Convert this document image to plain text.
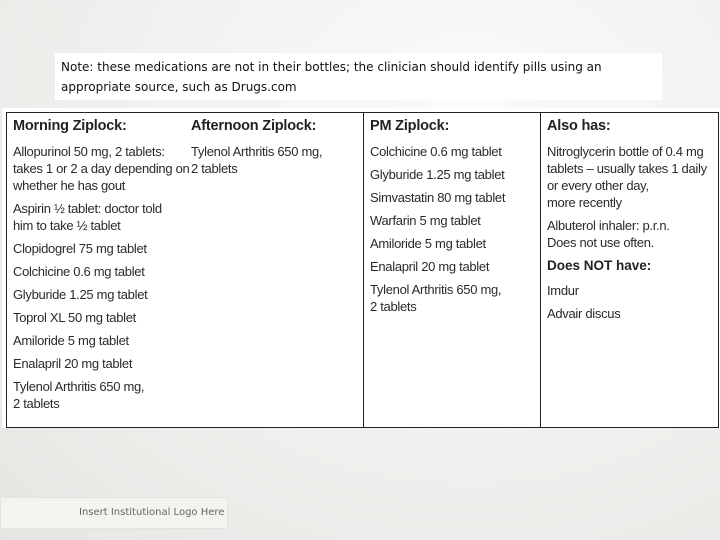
Note: these medications are not in their bottles; the clinician should identify pills using an appropriate source, such as Drugs.com
Morning Ziplock:
Allopurinol 50 mg, 2 tablets:
takes 1 or 2 a day depending on
whether he has gout
Aspirin ½ tablet: doctor told
him to take ½ tablet
Clopidogrel 75 mg tablet
Colchicine 0.6 mg tablet
Glyburide 1.25 mg tablet
Toprol XL 50 mg tablet
Amiloride 5 mg tablet
Enalapril 20 mg tablet
Tylenol Arthritis 650 mg,
2 tablets
Afternoon Ziplock:
Tylenol Arthritis 650 mg,
2 tablets
PM Ziplock:
Colchicine 0.6 mg tablet
Glyburide 1.25 mg tablet
Simvastatin 80 mg tablet
Warfarin 5 mg tablet
Amiloride 5 mg tablet
Enalapril 20 mg tablet
Tylenol Arthritis 650 mg,
2 tablets
Also has:
Nitroglycerin bottle of 0.4 mg
tablets – usually takes 1 daily
or every other day,
more recently
Albuterol inhaler: p.r.n.
Does not use often.
Does NOT have:
Imdur
Advair discus
Insert Institutional Logo Here
